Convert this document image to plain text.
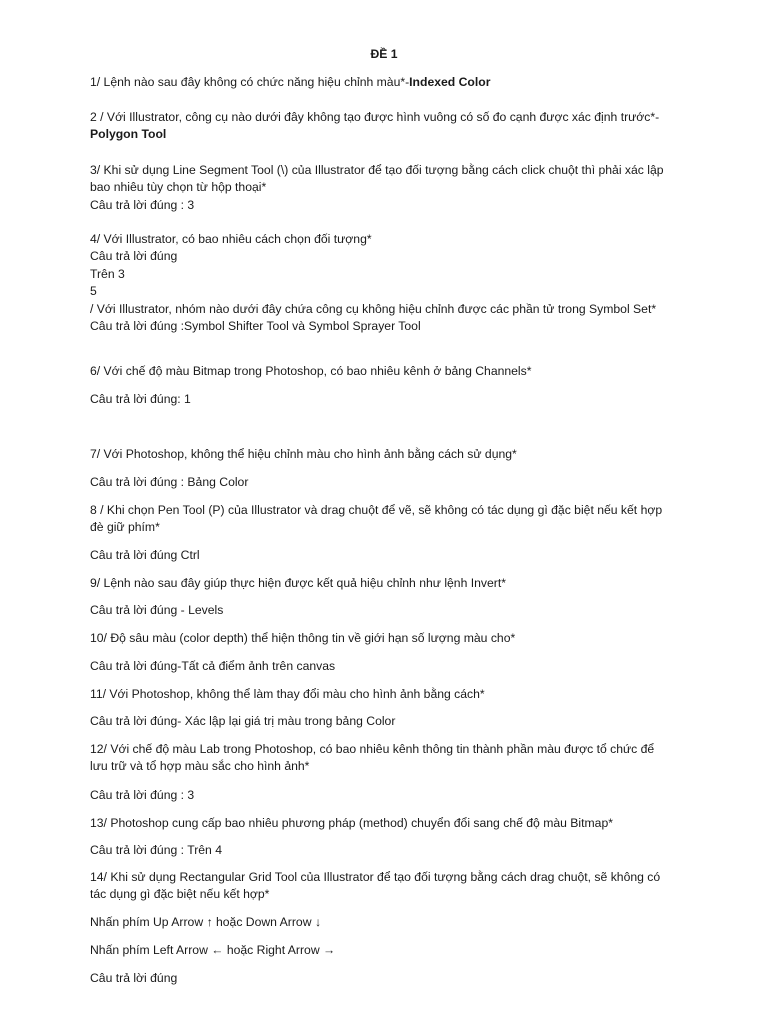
ĐỀ 1
1/ Lệnh nào sau đây không có chức năng hiệu chỉnh màu*-Indexed Color
2 / Với Illustrator, công cụ nào dưới đây không tạo được hình vuông có số đo cạnh được xác định trước*-
Polygon Tool
3/ Khi sử dụng Line Segment Tool (\) của Illustrator để tạo đối tượng bằng cách click chuột thì phải xác lập
bao nhiêu tùy chọn từ hộp thoại*
Câu trả lời đúng : 3
4/ Với Illustrator, có bao nhiêu cách chọn đối tượng*
Câu trả lời đúng
Trên 3
5
/ Với Illustrator, nhóm nào dưới đây chứa công cụ không hiệu chỉnh được các phần tử trong Symbol Set*
Câu trả lời đúng :Symbol Shifter Tool và Symbol Sprayer Tool
6/ Với chế độ màu Bitmap trong Photoshop, có bao nhiêu kênh ở bảng Channels*
Câu trả lời đúng: 1
7/ Với Photoshop, không thể hiệu chỉnh màu cho hình ảnh bằng cách sử dụng*
Câu trả lời đúng : Bảng Color
8 / Khi chọn Pen Tool (P) của Illustrator và drag chuột để vẽ, sẽ không có tác dụng gì đặc biệt nếu kết hợp
đè giữ phím*
Câu trả lời đúng Ctrl
9/ Lệnh nào sau đây giúp thực hiện được kết quả hiệu chỉnh như lệnh Invert*
Câu trả lời đúng - Levels
10/ Độ sâu màu (color depth) thể hiện thông tin về giới hạn số lượng màu cho*
Câu trả lời đúng-Tất cả điểm ảnh trên canvas
11/ Với Photoshop, không thể làm thay đổi màu cho hình ảnh bằng cách*
Câu trả lời đúng- Xác lập lại giá trị màu trong bảng Color
12/ Với chế độ màu Lab trong Photoshop, có bao nhiêu kênh thông tin thành phần màu được tổ chức để
lưu trữ và tổ hợp màu sắc cho hình ảnh*
Câu trả lời đúng : 3
13/ Photoshop cung cấp bao nhiêu phương pháp (method) chuyển đổi sang chế độ màu Bitmap*
Câu trả lời đúng : Trên 4
14/ Khi sử dụng Rectangular Grid Tool của Illustrator để tạo đối tượng bằng cách drag chuột, sẽ không có
tác dụng gì đặc biệt nếu kết hợp*
Nhấn phím Up Arrow ↑ hoặc Down Arrow ↓
Nhấn phím Left Arrow ← hoặc Right Arrow →
Câu trả lời đúng
